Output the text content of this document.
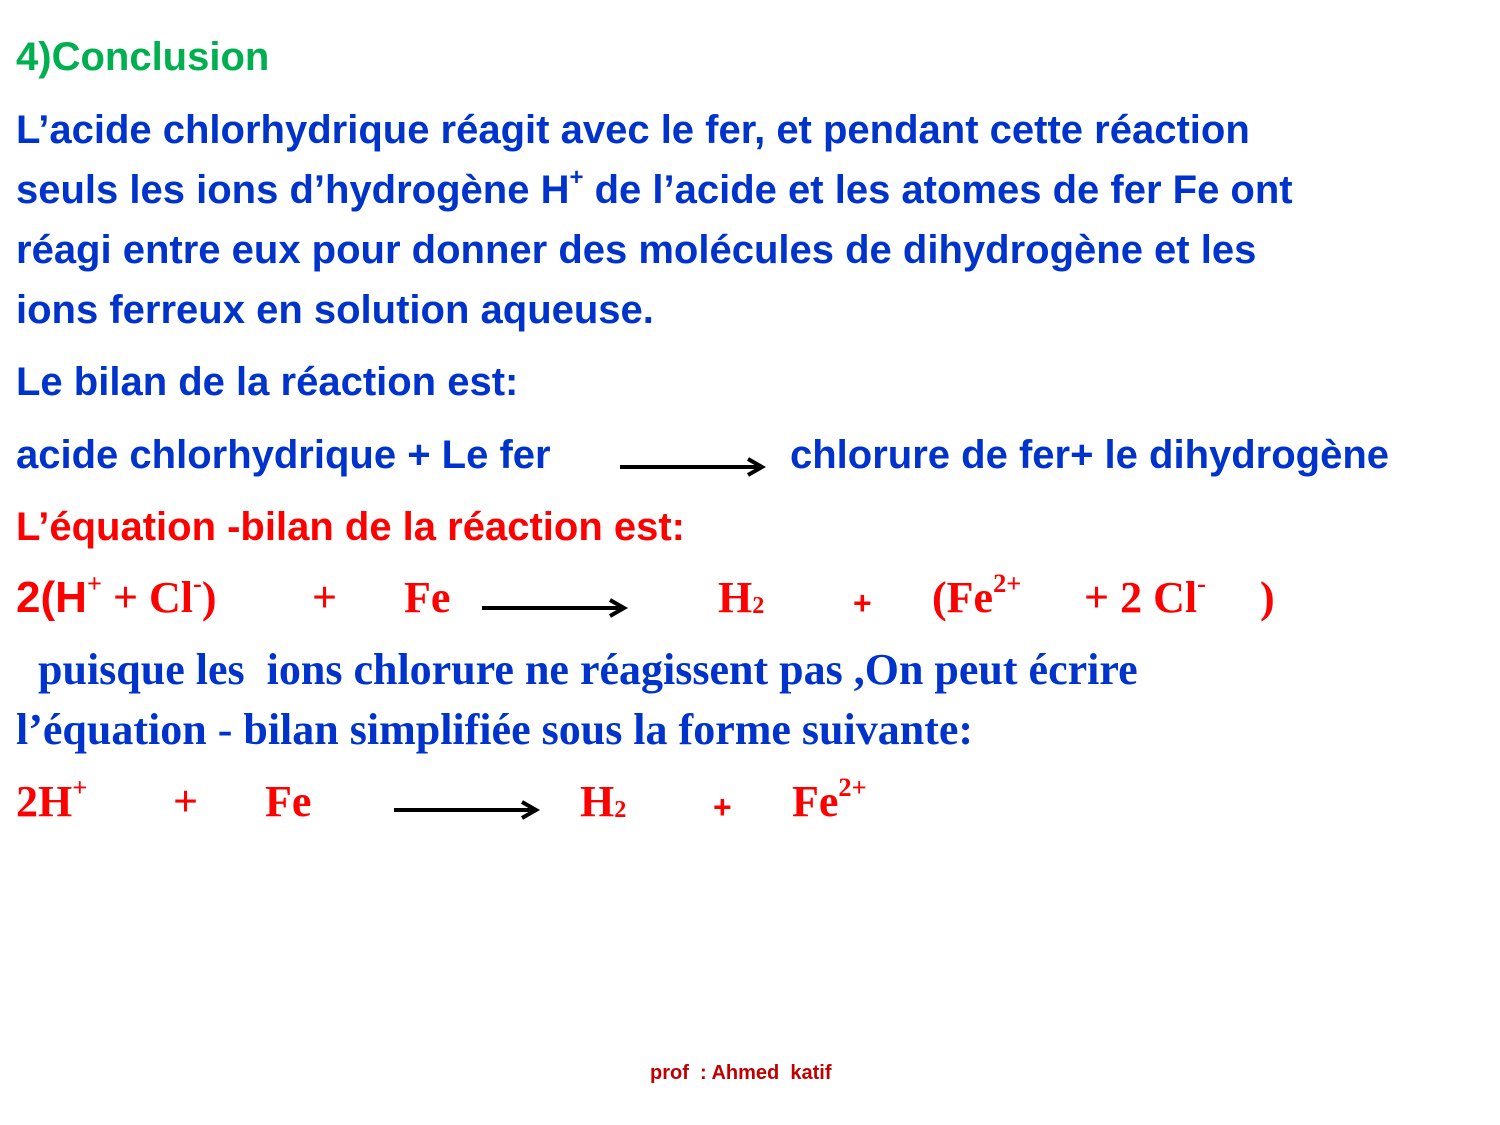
4)Conclusion
L’acide chlorhydrique réagit avec le fer, et pendant cette réaction
seuls les ions d’hydrogène H+ de l’acide et les atomes de fer Fe ont
réagi entre eux pour donner des molécules de dihydrogène et les
ions ferreux en solution aqueuse.
Le bilan de la réaction est:
acide chlorhydrique + Le fer	chlorure de fer+ le dihydrogène
L’équation -bilan de la réaction est:
2(H+ + Cl-) + Fe	$H_2$	+ ($Fe^{2+} + 2$ Cl- )
puisque les  ions chlorure ne réagissent pas ,On peut écrire
l’équation - bilan simplifiée sous la forme suivante:
2H+ + Fe	$H_2$	+ $Fe^{2+}$
prof  : Ahmed  katif
